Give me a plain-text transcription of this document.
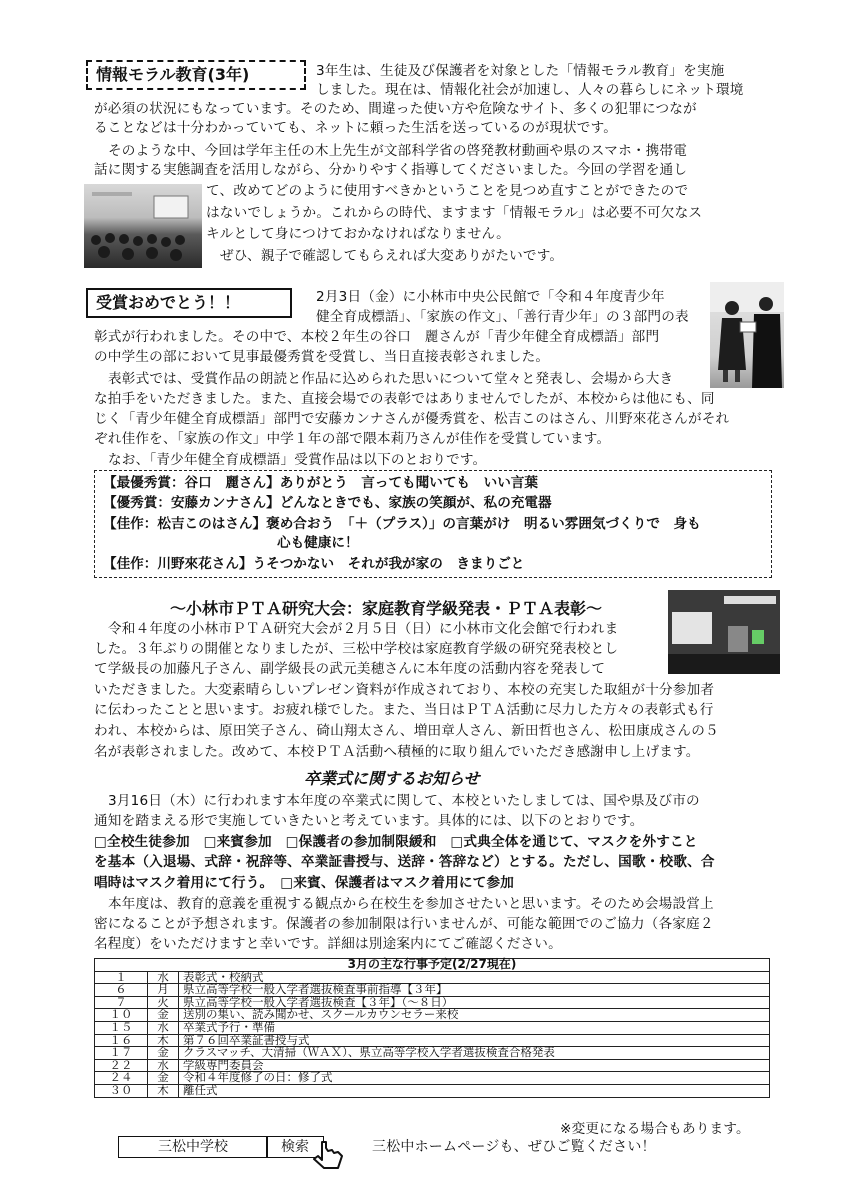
情報モラル教育(3年)	3年生は、生徒及び保護者を対象とした「情報モラル教育」を実施
しました。現在は、情報化社会が加速し、人々の暮らしにネット環境
が必須の状況にもなっています。そのため、間違った使い方や危険なサイト、多くの犯罪につなが
ることなどは十分わかっていても、ネットに頼った生活を送っているのが現状です。
そのような中、今回は学年主任の木上先生が文部科学省の啓発教材動画や県のスマホ・携帯電
話に関する実態調査を活用しながら、分かりやすく指導してくださいました。今回の学習を通し
て、改めてどのように使用すべきかということを見つめ直すことができたので
はないでしょうか。これからの時代、ますます「情報モラル」は必要不可欠なス
キルとして身につけておかなければなりません。
ぜひ、親子で確認してもらえれば大変ありがたいです。
受賞おめでとう！！	2月3日（金）に小林市中央公民館で「令和４年度青少年
健全育成標語」、「家族の作文」、「善行青少年」の３部門の表
彰式が行われました。その中で、本校２年生の谷口　麗さんが「青少年健全育成標語」部門
の中学生の部において見事最優秀賞を受賞し、当日直接表彰されました。
表彰式では、受賞作品の朗読と作品に込められた思いについて堂々と発表し、会場から大き
な拍手をいただきました。また、直接会場での表彰ではありませんでしたが、本校からは他にも、同
じく「青少年健全育成標語」部門で安藤カンナさんが優秀賞を、松吉このはさん、川野來花さんがそれ
ぞれ佳作を、「家族の作文」中学１年の部で隈本莉乃さんが佳作を受賞しています。
なお、「青少年健全育成標語」受賞作品は以下のとおりです。
【最優秀賞：谷口　麗さん】ありがとう　言っても聞いても　いい言葉
【優秀賞：安藤カンナさん】どんなときでも、家族の笑顔が、私の充電器
【佳作：松吉このはさん】褒め合おう　「＋（プラス）」の言葉がけ　明るい雰囲気づくりで　身も
心も健康に！
【佳作：川野來花さん】うそつかない　それが我が家の　きまりごと
〜小林市ＰＴＡ研究大会：家庭教育学級発表・ＰＴＡ表彰〜
令和４年度の小林市ＰＴＡ研究大会が２月５日（日）に小林市文化会館で行われま
した。３年ぶりの開催となりましたが、三松中学校は家庭教育学級の研究発表校とし
て学級長の加藤凡子さん、副学級長の武元美穂さんに本年度の活動内容を発表して
いただきました。大変素晴らしいプレゼン資料が作成されており、本校の充実した取組が十分参加者
に伝わったことと思います。お疲れ様でした。また、当日はＰＴＡ活動に尽力した方々の表彰式も行
われ、本校からは、原田笑子さん、碕山翔太さん、増田章人さん、新田哲也さん、松田康成さんの５
名が表彰されました。改めて、本校ＰＴＡ活動へ積極的に取り組んでいただき感謝申し上げます。
卒業式に関するお知らせ
3月16日（木）に行われます本年度の卒業式に関して、本校といたしましては、国や県及び市の
通知を踏まえる形で実施していきたいと考えています。具体的には、以下のとおりです。
□全校生徒参加　□来賓参加　□保護者の参加制限緩和　□式典全体を通じて、マスクを外すこと
を基本（入退場、式辞・祝辞等、卒業証書授与、送辞・答辞など）とする。ただし、国歌・校歌、合
唱時はマスク着用にて行う。　□来賓、保護者はマスク着用にて参加
本年度は、教育的意義を重視する観点から在校生を参加させたいと思います。そのため会場設営上
密になることが予想されます。保護者の参加制限は行いませんが、可能な範囲でのご協力（各家庭２
名程度）をいただけますと幸いです。詳細は別途案内にてご確認ください。
3月の主な行事予定(2/27現在)		
１	水	表彰式・校納式
６	月	県立高等学校一般入学者選抜検査事前指導【３年】
７	火	県立高等学校一般入学者選抜検査【３年】（〜８日）
１０	金	送別の集い、読み聞かせ、スクールカウンセラー来校
１５	水	卒業式予行・準備
１６	木	第７６回卒業証書授与式
１７	金	クラスマッチ、大清掃（ＷＡＸ）、県立高等学校入学者選抜検査合格発表
２２	水	学級専門委員会
２４	金	令和４年度修了の日：修了式
３０	木	離任式
※変更になる場合もあります。
三松中学校	検索	三松中ホームページも、ぜひご覧ください！
